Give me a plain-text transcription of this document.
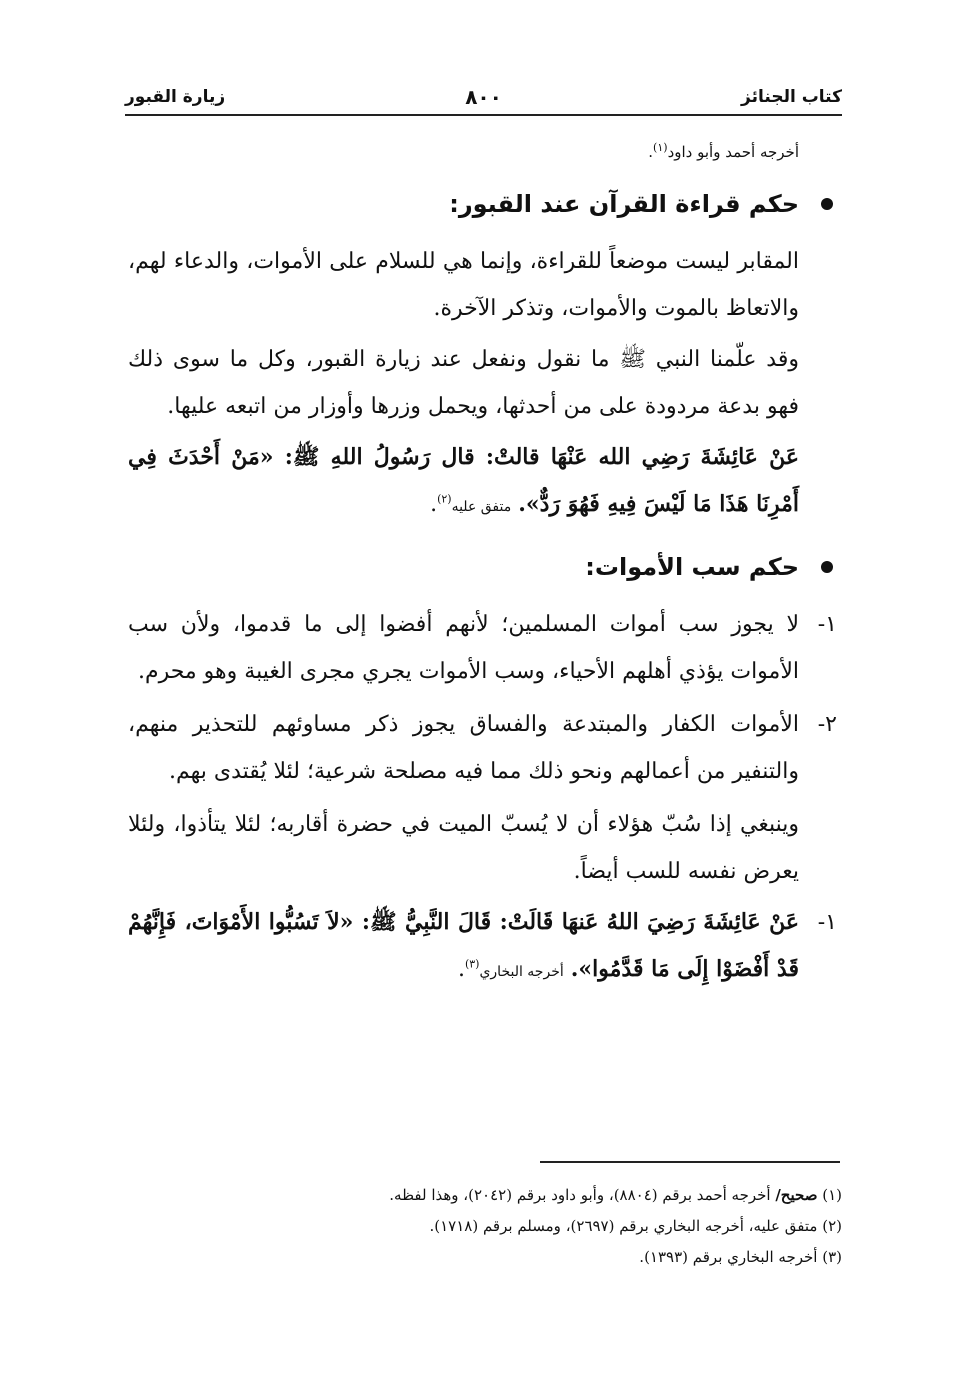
كتاب الجنائز
٨٠٠
زيارة القبور

أخرجه أحمد وأبو داود$^{(١)}$.

حكم قراءة القرآن عند القبور:

المقابر ليست موضعاً للقراءة، وإنما هي للسلام على الأموات، والدعاء لهم، والاتعاظ بالموت والأموات، وتذكر الآخرة.

وقد علّمنا النبي ﷺ ما نقول ونفعل عند زيارة القبور، وكل ما سوى ذلك فهو بدعة مردودة على من أحدثها، ويحمل وزرها وأوزار من اتبعه عليها.

عَنْ عَائِشَةَ رَضِي الله عَنْهَا قالتْ: قال رَسُولُ اللهِ ﷺ: «مَنْ أَحْدَثَ فِي أَمْرِنَا هَذَا مَا لَيْسَ فِيهِ فَهُوَ رَدٌّ». متفق عليه$^{(٢)}$.

حكم سب الأموات:

١-
لا يجوز سب أموات المسلمين؛ لأنهم أفضوا إلى ما قدموا، ولأن سب الأموات يؤذي أهلهم الأحياء، وسب الأموات يجري مجرى الغيبة وهو محرم.

٢-
الأموات الكفار والمبتدعة والفساق يجوز ذكر مساوئهم للتحذير منهم، والتنفير من أعمالهم ونحو ذلك مما فيه مصلحة شرعية؛ لئلا يُقتدى بهم.

وينبغي إذا سُبّ هؤلاء أن لا يُسبّ الميت في حضرة أقاربه؛ لئلا يتأذوا، ولئلا يعرض نفسه للسب أيضاً.

١-
عَنْ عَائِشَةَ رَضِيَ اللهُ عَنهَا قَالَتْ: قَالَ النَّبِيُّ ﷺ: «لاَ تَسُبُّوا الأَمْوَاتَ، فَإِنَّهُمْ قَدْ أَفْضَوْا إِلَى مَا قَدَّمُوا». أخرجه البخاري$^{(٣)}$.

(١) صحيح/ أخرجه أحمد برقم (٨٨٠٤)، وأبو داود برقم (٢٠٤٢)، وهذا لفظه.

(٢) متفق عليه، أخرجه البخاري برقم (٢٦٩٧)، ومسلم برقم (١٧١٨).

(٣) أخرجه البخاري برقم (١٣٩٣).
